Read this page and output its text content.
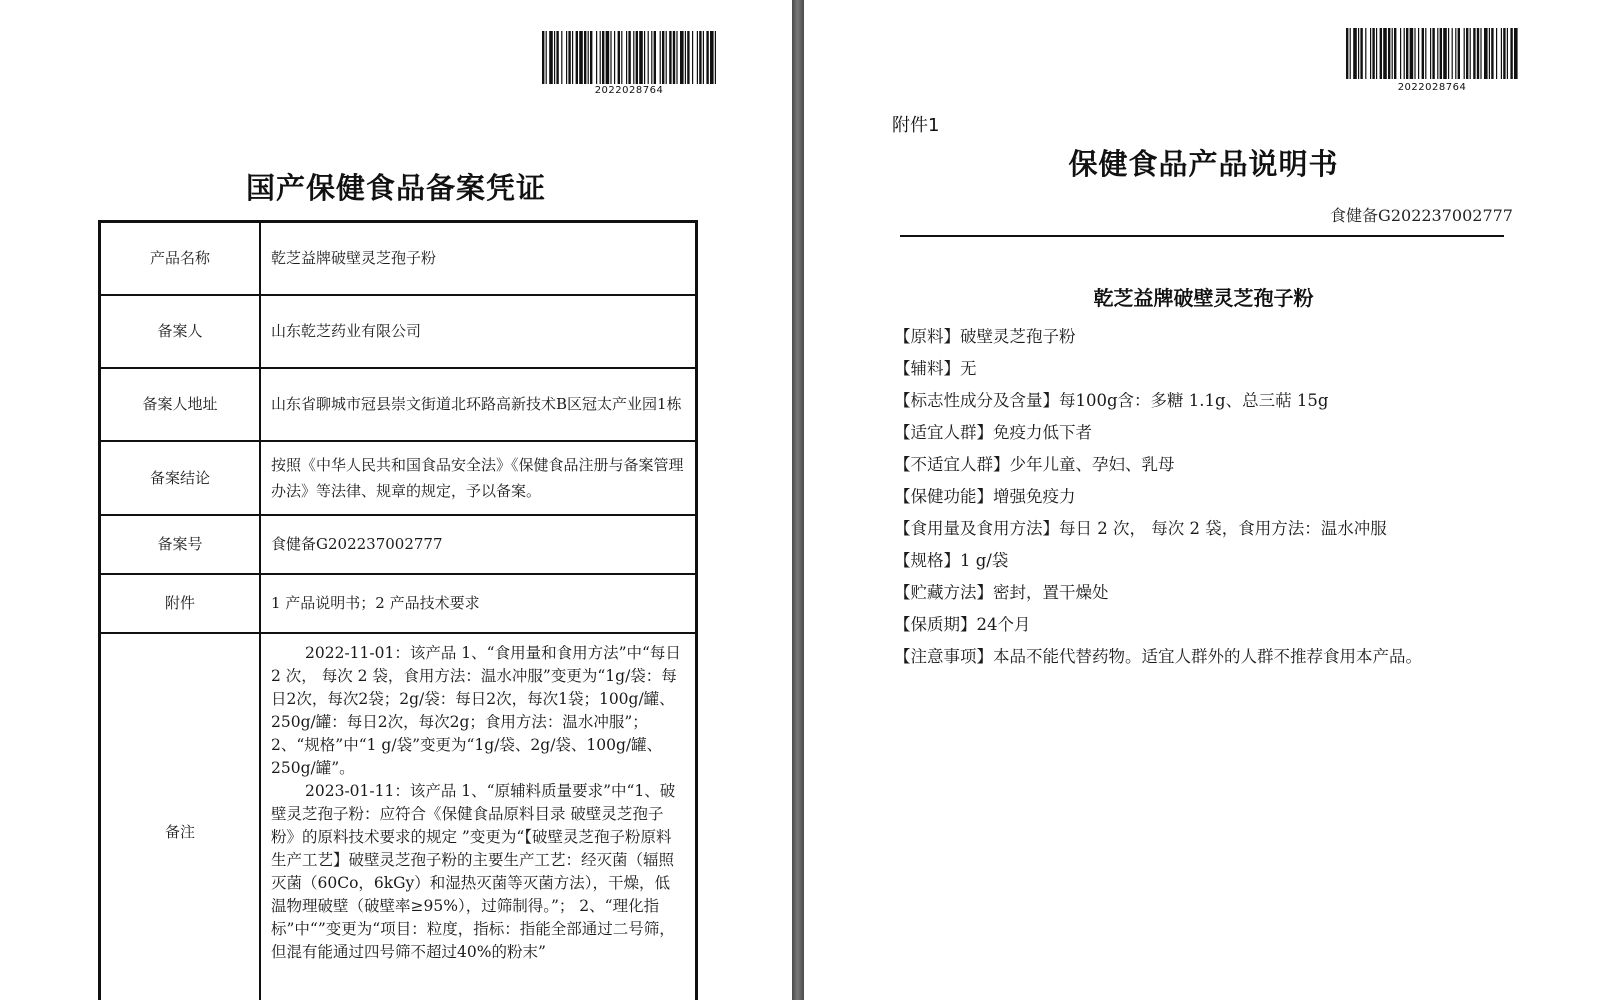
2022028764
国产保健食品备案凭证
产品名称	乾芝益牌破壁灵芝孢子粉
备案人	山东乾芝药业有限公司
备案人地址	山东省聊城市冠县崇文街道北环路高新技术B区冠太产业园1栋
备案结论	按照《中华人民共和国食品安全法》《保健食品注册与备案管理办法》等法律、规章的规定，予以备案。
备案号	食健备G202237002777
附件	1 产品说明书；2 产品技术要求
备注	2022-11-01：该产品 1、“食用量和食用方法”中“每日 2 次， 每次 2 袋，食用方法：温水冲服”变更为“1g/袋：每日2次，每次2袋；2g/袋：每日2次，每次1袋；100g/罐、250g/罐：每日2次，每次2g；食用方法：温水冲服”； 2、“规格”中“1 g/袋”变更为“1g/袋、2g/袋、100g/罐、250g/罐”。

2023-01-11：该产品 1、“原辅料质量要求”中“1、破壁灵芝孢子粉：应符合《保健食品原料目录 破壁灵芝孢子粉》的原料技术要求的规定 ”变更为“【破壁灵芝孢子粉原料生产工艺】破壁灵芝孢子粉的主要生产工艺：经灭菌（辐照灭菌（60Co，6kGy）和湿热灭菌等灭菌方法），干燥，低温物理破壁（破壁率≥95%），过筛制得。”； 2、“理化指标”中“”变更为“项目：粒度，指标：指能全部通过二号筛，但混有能通过四号筛不超过40%的粉末”

2022028764
附件1
保健食品产品说明书
食健备G202237002777
乾芝益牌破壁灵芝孢子粉
【原料】破壁灵芝孢子粉
【辅料】无
【标志性成分及含量】每100g含：多糖 1.1g、总三萜 15g
【适宜人群】免疫力低下者
【不适宜人群】少年儿童、孕妇、乳母
【保健功能】增强免疫力
【食用量及食用方法】每日 2 次， 每次 2 袋，食用方法：温水冲服
【规格】1 g/袋
【贮藏方法】密封，置干燥处
【保质期】24个月
【注意事项】本品不能代替药物。适宜人群外的人群不推荐食用本产品。
